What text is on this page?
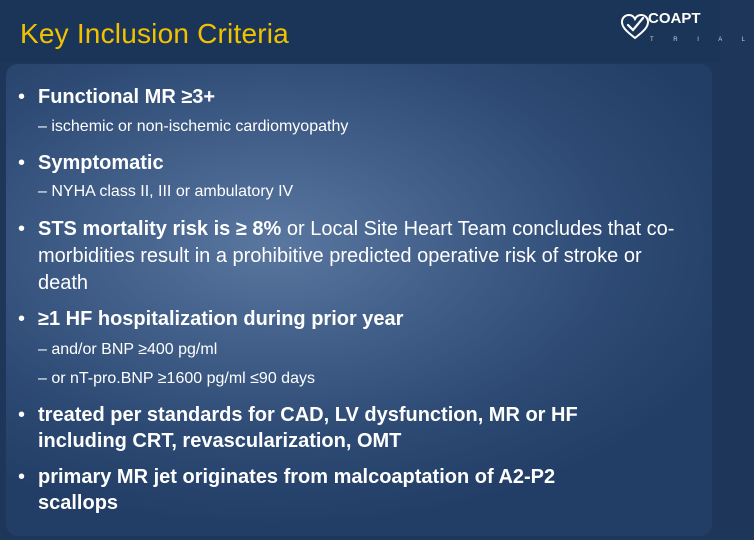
Key Inclusion Criteria	COAPT
T R I A L
• Functional MR ≥3+
– ischemic or non-ischemic cardiomyopathy
• Symptomatic
– NYHA class II, III or ambulatory IV
• STS mortality risk is ≥ 8% or Local Site Heart Team concludes that co-morbidities result in a prohibitive predicted operative risk of stroke or death
• ≥1 HF hospitalization during prior year
– and/or BNP ≥400 pg/ml
– or nT-pro.BNP ≥1600 pg/ml ≤90 days
• treated per standards for CAD, LV dysfunction, MR or HF including CRT, revascularization, OMT
• primary MR jet originates from malcoaptation of A2-P2 scallops
